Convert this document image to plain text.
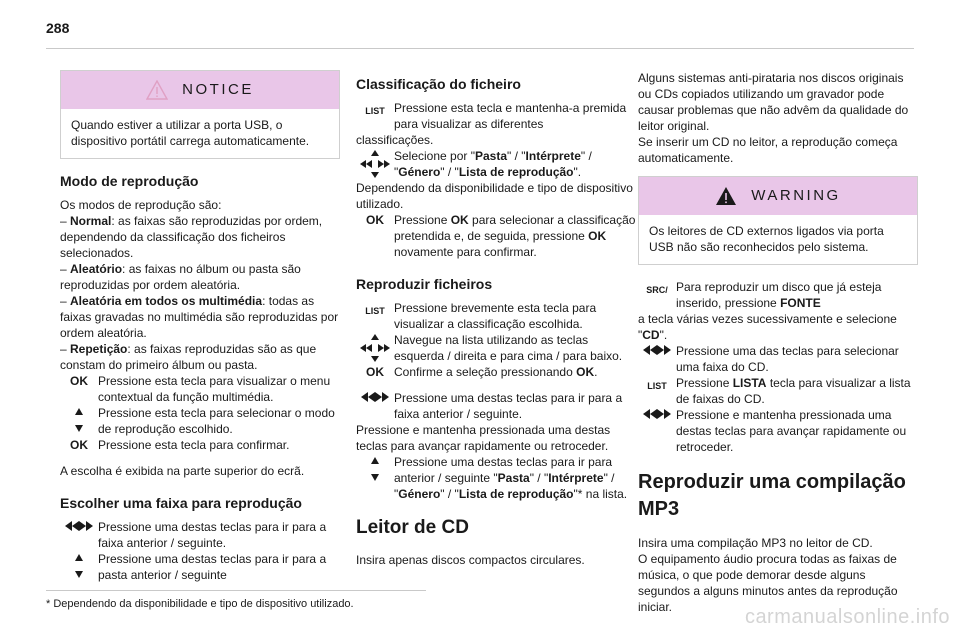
288
NOTICE
Quando estiver a utilizar a porta USB, o dispositivo portátil carrega automaticamente.
Modo de reprodução

Os modos de reprodução são:

– Normal: as faixas são reproduzidas por ordem, dependendo da classificação dos ficheiros selecionados.

– Aleatório: as faixas no álbum ou pasta são reproduzidas por ordem aleatória.

– Aleatória em todos os multimédia: todas as faixas gravadas no multimédia são reproduzidas por ordem aleatória.

– Repetição: as faixas reproduzidas são as que constam do primeiro álbum ou pasta.

OK Pressione esta tecla para visualizar o menu contextual da função multimédia.
Pressione esta tecla para selecionar o modo de reprodução escolhido.
OK Pressione esta tecla para confirmar.

A escolha é exibida na parte superior do ecrã.

Escolher uma faixa para reprodução
Pressione uma destas teclas para ir para a faixa anterior / seguinte.
Pressione uma destas teclas para ir para a pasta anterior / seguinte
Classificação do ficheiro
LIST Pressione esta tecla e mantenha-a premida para visualizar as diferentes

classificações.

Selecione por "Pasta" / "Intérprete" / "Género" / "Lista de reprodução".

Dependendo da disponibilidade e tipo de dispositivo utilizado.

OK Pressione OK para selecionar a classificação pretendida e, de seguida, pressione OK novamente para confirmar.
Reproduzir ficheiros
LIST Pressione brevemente esta tecla para visualizar a classificação escolhida.
Navegue na lista utilizando as teclas esquerda / direita e para cima / para baixo.
OK Confirme a seleção pressionando OK.
Pressione uma destas teclas para ir para a faixa anterior / seguinte.

Pressione e mantenha pressionada uma destas teclas para avançar rapidamente ou retroceder.

Pressione uma destas teclas para ir para anterior / seguinte "Pasta" / "Intérprete" / "Género" / "Lista de reprodução"* na lista.
Leitor de CD

Insira apenas discos compactos circulares.

Alguns sistemas anti-pirataria nos discos originais ou CDs copiados utilizando um gravador pode causar problemas que não advêm da qualidade do leitor original.

Se inserir um CD no leitor, a reprodução começa automaticamente.

WARNING
Os leitores de CD externos ligados via porta USB não são reconhecidos pelo sistema.
SRC/ Para reproduzir um disco que já esteja inserido, pressione FONTE

a tecla várias vezes sucessivamente e selecione "CD".

Pressione uma das teclas para selecionar uma faixa do CD.
LIST Pressione LISTA tecla para visualizar a lista de faixas do CD.
Pressione e mantenha pressionada uma destas teclas para avançar rapidamente ou retroceder.
Reproduzir uma compilação MP3

Insira uma compilação MP3 no leitor de CD.

O equipamento áudio procura todas as faixas de música, o que pode demorar desde alguns segundos a alguns minutos antes da reprodução iniciar.

* Dependendo da disponibilidade e tipo de dispositivo utilizado.
carmanualsonline.info
